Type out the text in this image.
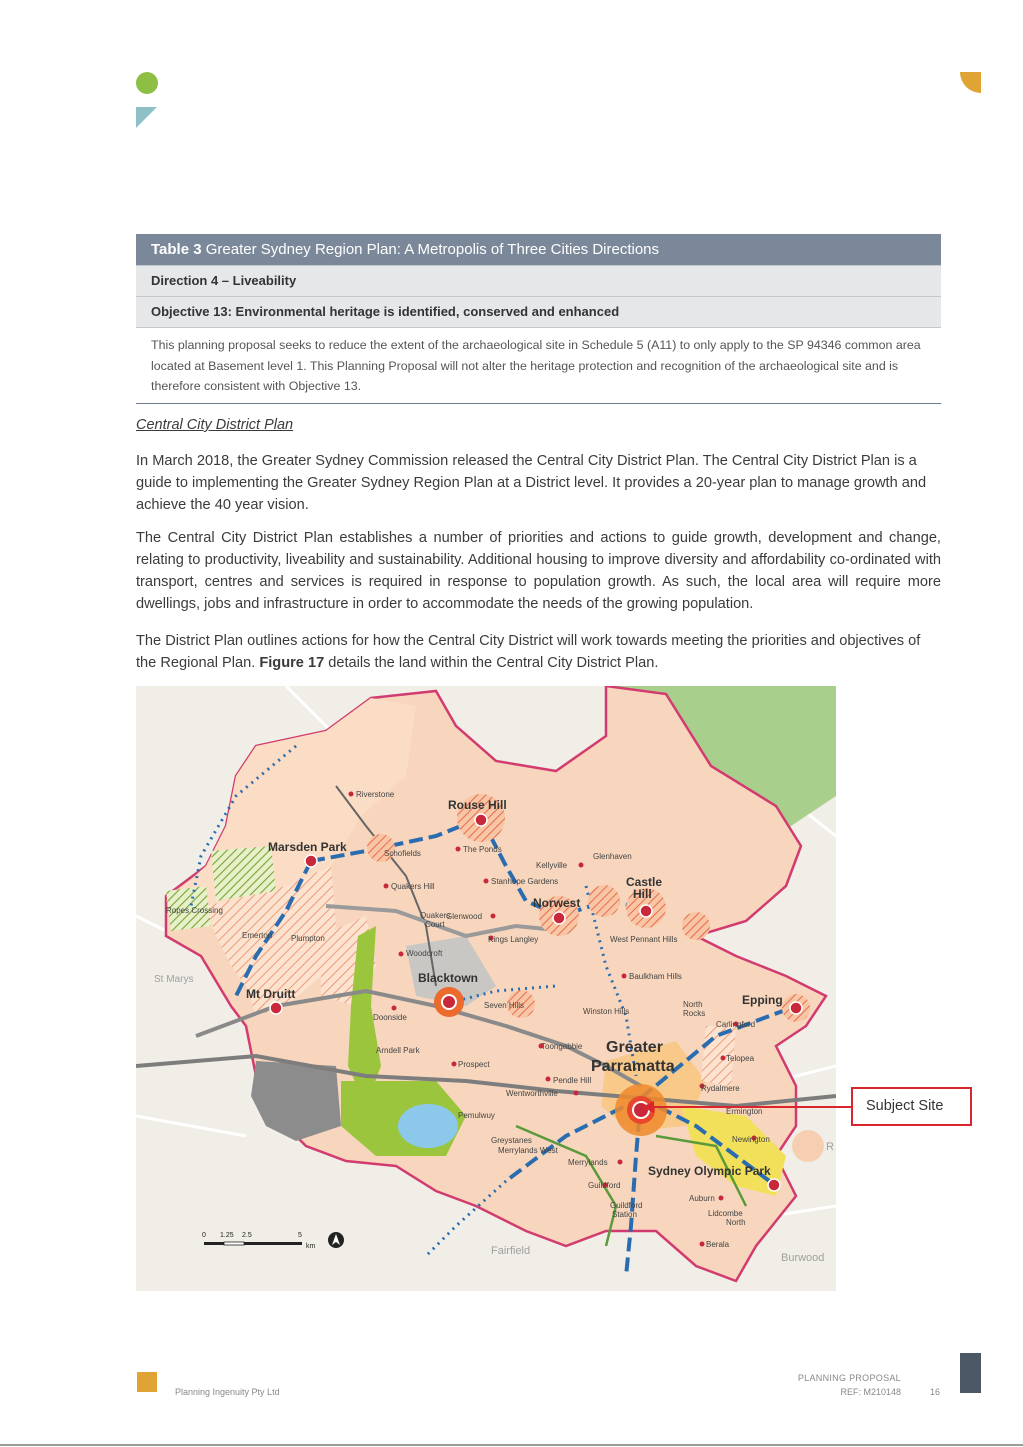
Table 3 Greater Sydney Region Plan: A Metropolis of Three Cities Directions
Direction 4 – Liveability
Objective 13: Environmental heritage is identified, conserved and enhanced
This planning proposal seeks to reduce the extent of the archaeological site in Schedule 5 (A11) to only apply to the SP 94346 common area located at Basement level 1. This Planning Proposal will not alter the heritage protection and recognition of the archaeological site and is therefore consistent with Objective 13.
Central City District Plan

In March 2018, the Greater Sydney Commission released the Central City District Plan. The Central City District Plan is a guide to implementing the Greater Sydney Region Plan at a District level. It provides a 20-year plan to manage growth and achieve the 40 year vision.

The Central City District Plan establishes a number of priorities and actions to guide growth, development and change, relating to productivity, liveability and sustainability. Additional housing to improve diversity and affordability co-ordinated with transport, centres and services is required in response to population growth. As such, the local area will require more dwellings, jobs and infrastructure in order to accommodate the needs of the growing population.

The District Plan outlines actions for how the Central City District will work towards meeting the priorities and objectives of the Regional Plan. Figure 17 details the land within the Central City District Plan.

Rouse Hill
Marsden Park
Norwest
Castle
Hill
Blacktown
Mt Druitt	Epping
Sydney Olympic Park
Greater
Parramatta
Riverstone
Schofields	The Ponds
Glenhaven
Kellyville
Stanhope Gardens
Quakers Hill
Ropes Crossing
Quakers
Court
Glenwood
Kings Langley	West Pennant Hills
Emerton Plumpton
Woodcroft
St Marys	Baulkham Hills
Seven Hills	North
Rocks
Carlingford
Winston Hills
Doonside
Toongabbie
Arndell Park
Telopea
Prospect
Pendle Hill
Rydalmere
Wentworthville
Ermington
Pemulwuy
Greystanes
Merrylands West
Newington
Merrylands
Guildford
Auburn
Lidcombe
North
Guildford
Station
Berala
Fairfield
Burwood
R
0 1.25 2.5	5
km
Subject Site
Planning Ingenuity Pty Ltd
PLANNING PROPOSAL
REF: M210148	16
